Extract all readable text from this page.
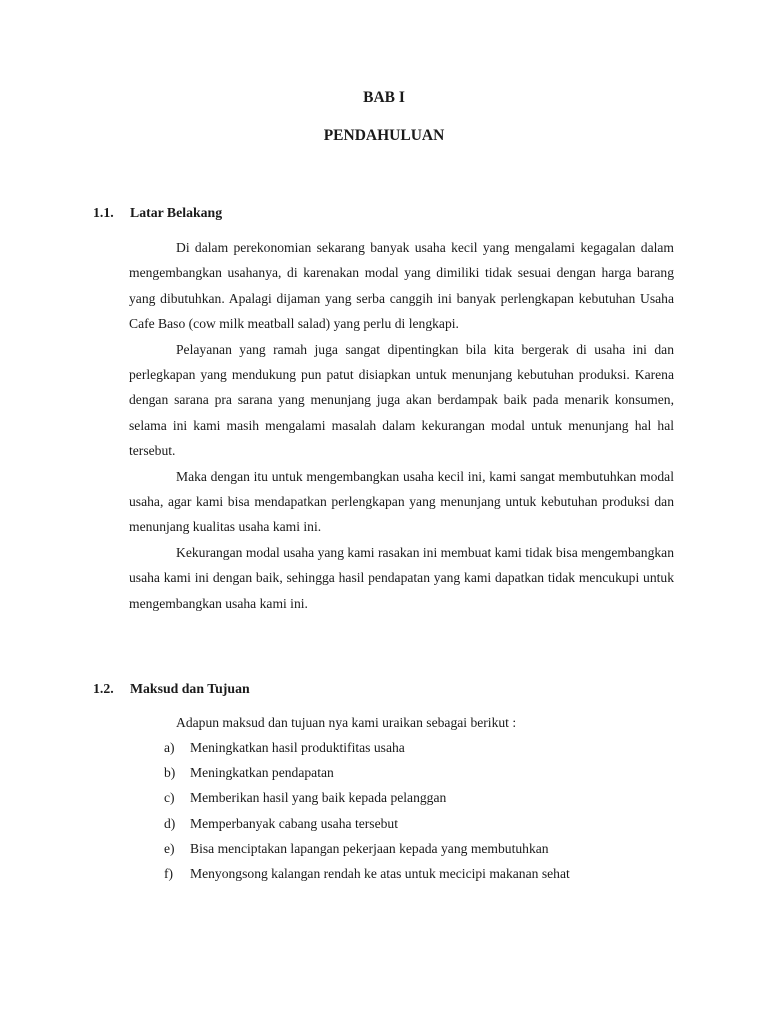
BAB I
PENDAHULUAN
1.1. Latar Belakang

Di dalam perekonomian sekarang banyak usaha kecil yang mengalami kegagalan dalam mengembangkan usahanya, di karenakan modal yang dimiliki tidak sesuai dengan harga barang yang dibutuhkan. Apalagi dijaman yang serba canggih ini banyak perlengkapan kebutuhan Usaha Cafe Baso (cow milk meatball salad) yang perlu di lengkapi.

Pelayanan yang ramah juga sangat dipentingkan bila kita bergerak di usaha ini dan perlegkapan yang mendukung pun patut disiapkan untuk menunjang kebutuhan produksi. Karena dengan sarana pra sarana yang menunjang juga akan berdampak baik pada menarik konsumen, selama ini kami masih mengalami masalah dalam kekurangan modal untuk menunjang hal hal tersebut.

Maka dengan itu untuk mengembangkan usaha kecil ini, kami sangat membutuhkan modal usaha, agar kami bisa mendapatkan perlengkapan yang menunjang untuk kebutuhan produksi dan menunjang kualitas usaha kami ini.

Kekurangan modal usaha yang kami rasakan ini membuat kami tidak bisa mengembangkan usaha kami ini dengan baik, sehingga hasil pendapatan yang kami dapatkan tidak mencukupi untuk mengembangkan usaha kami ini.

1.2. Maksud dan Tujuan
Adapun maksud dan tujuan nya kami uraikan sebagai berikut :
a) Meningkatkan hasil produktifitas usaha
b) Meningkatkan pendapatan
c) Memberikan hasil yang baik kepada pelanggan
d) Memperbanyak cabang usaha tersebut
e) Bisa menciptakan lapangan pekerjaan kepada yang membutuhkan
f) Menyongsong kalangan rendah ke atas untuk mecicipi makanan sehat
